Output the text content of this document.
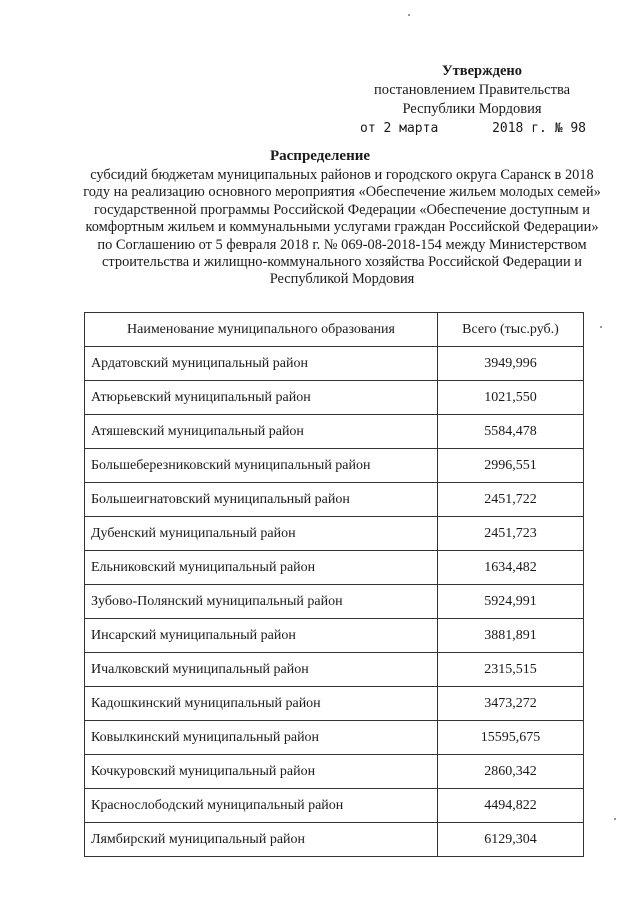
Утверждено
постановлением Правительства
Республики Мордовия
от 2 марта	2018 г. № 98
Распределение
субсидий бюджетам муниципальных районов и городского округа Саранск в 2018 году на реализацию основного мероприятия «Обеспечение жильем молодых семей» государственной программы Российской Федерации «Обеспечение доступным и комфортным жильем и коммунальными услугами граждан Российской Федерации» по Соглашению от 5 февраля 2018 г. № 069-08-2018-154 между Министерством строительства и жилищно-коммунального хозяйства Российской Федерации и Республикой Мордовия
Наименование муниципального образования	Всего (тыс.руб.)
Ардатовский муниципальный район	3949,996
Атюрьевский муниципальный район	1021,550
Атяшевский муниципальный район	5584,478
Большеберезниковский муниципальный район	2996,551
Большеигнатовский муниципальный район	2451,722
Дубенский муниципальный район	2451,723
Ельниковский муниципальный район	1634,482
Зубово-Полянский муниципальный район	5924,991
Инсарский муниципальный район	3881,891
Ичалковский муниципальный район	2315,515
Кадошкинский муниципальный район	3473,272
Ковылкинский муниципальный район	15595,675
Кочкуровский муниципальный район	2860,342
Краснослободский муниципальный район	4494,822
Лямбирский муниципальный район	6129,304
